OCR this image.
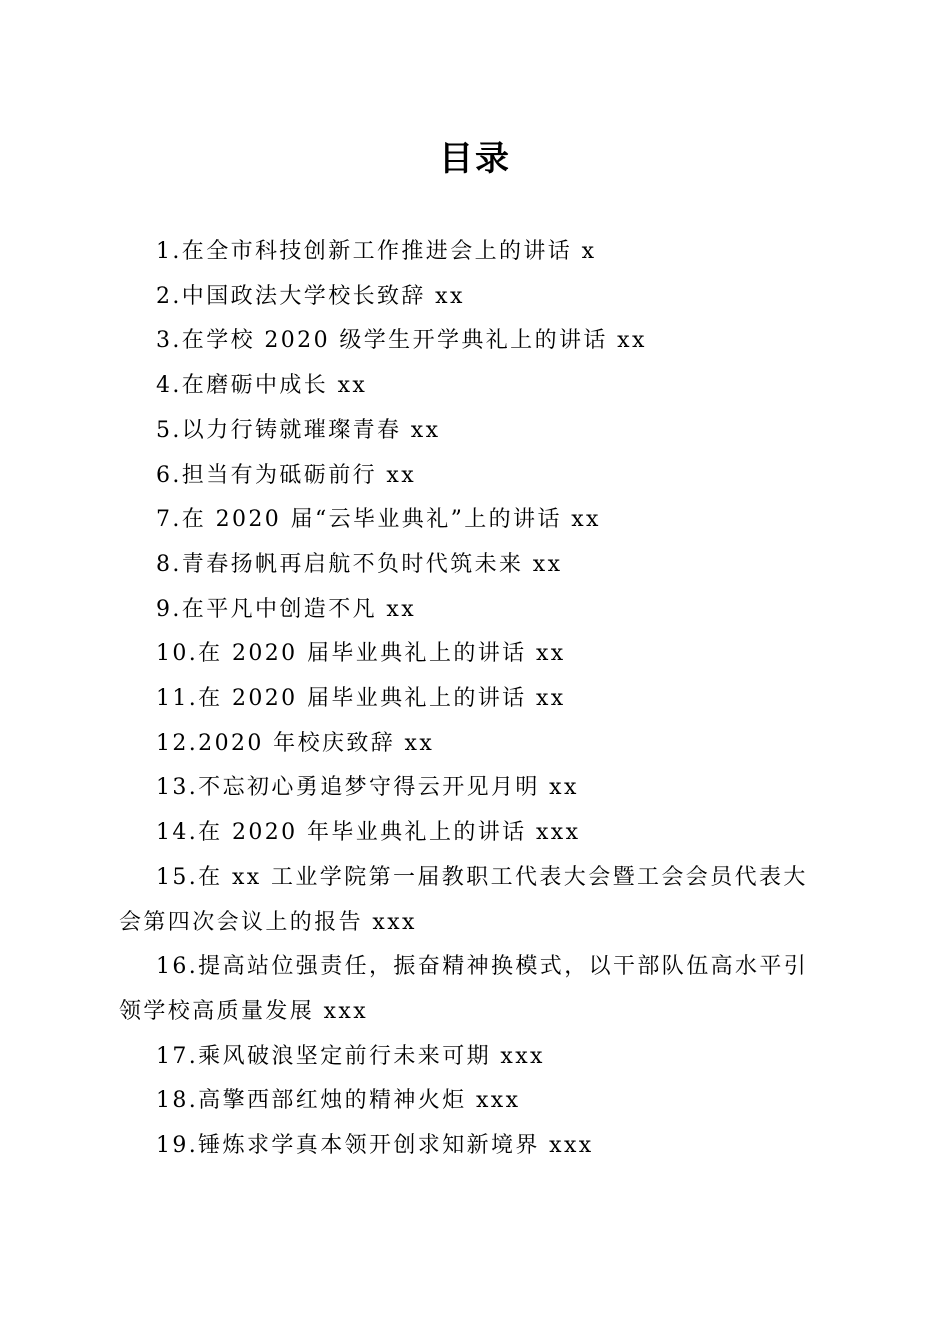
目录
1.在全市科技创新工作推进会上的讲话 x
2.中国政法大学校长致辞 xx
3.在学校 2020 级学生开学典礼上的讲话 xx
4.在磨砺中成长 xx
5.以力行铸就璀璨青春 xx
6.担当有为砥砺前行 xx
7.在 2020 届“云毕业典礼”上的讲话 xx
8.青春扬帆再启航不负时代筑未来 xx
9.在平凡中创造不凡 xx
10.在 2020 届毕业典礼上的讲话 xx
11.在 2020 届毕业典礼上的讲话 xx
12.2020 年校庆致辞 xx
13.不忘初心勇追梦守得云开见月明 xx
14.在 2020 年毕业典礼上的讲话 xxx
15.在 xx 工业学院第一届教职工代表大会暨工会会员代表大会第四次会议上的报告 xxx
16.提高站位强责任，振奋精神换模式，以干部队伍高水平引领学校高质量发展 xxx
17.乘风破浪坚定前行未来可期 xxx
18.高擎西部红烛的精神火炬 xxx
19.锤炼求学真本领开创求知新境界 xxx
